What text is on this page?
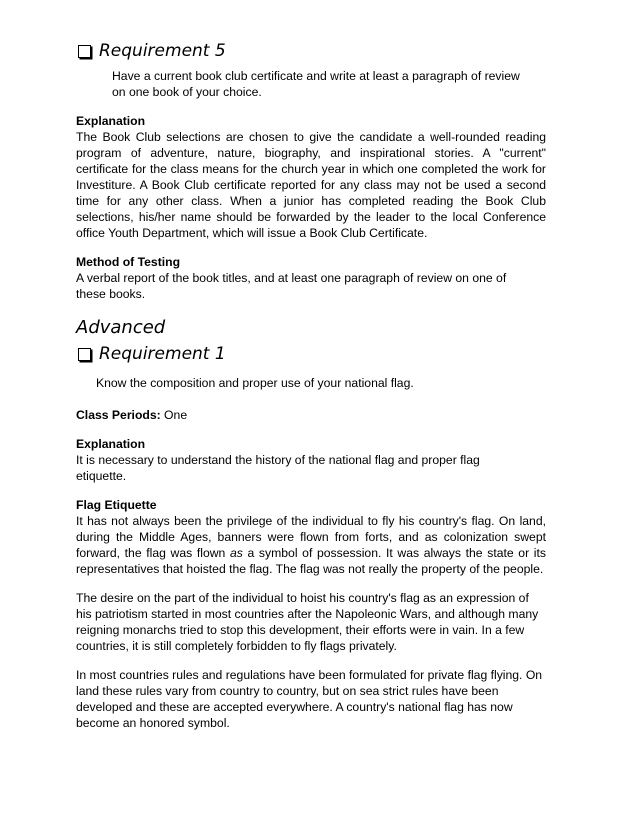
Requirement 5
Have a current book club certificate and write at least a paragraph of review on one book of your choice.
Explanation
The Book Club selections are chosen to give the candidate a well-rounded reading program of adventure, nature, biography, and inspirational stories. A "current" certificate for the class means for the church year in which one completed the work for Investiture. A Book Club certificate reported for any class may not be used a second time for any other class. When a junior has completed reading the Book Club selections, his/her name should be forwarded by the leader to the local Conference office Youth Department, which will issue a Book Club Certificate.
Method of Testing
A verbal report of the book titles, and at least one paragraph of review on one of these books.
Advanced
Requirement 1
Know the composition and proper use of your national flag.
Class Periods: One
Explanation
It is necessary to understand the history of the national flag and proper flag etiquette.
Flag Etiquette
It has not always been the privilege of the individual to fly his country's flag. On land, during the Middle Ages, banners were flown from forts, and as colonization swept forward, the flag was flown as a symbol of possession. It was always the state or its representatives that hoisted the flag. The flag was not really the property of the people.
The desire on the part of the individual to hoist his country's flag as an expression of his patriotism started in most countries after the Napoleonic Wars, and although many reigning monarchs tried to stop this development, their efforts were in vain. In a few countries, it is still completely forbidden to fly flags privately.
In most countries rules and regulations have been formulated for private flag flying. On land these rules vary from country to country, but on sea strict rules have been developed and these are accepted everywhere. A country's national flag has now become an honored symbol.
